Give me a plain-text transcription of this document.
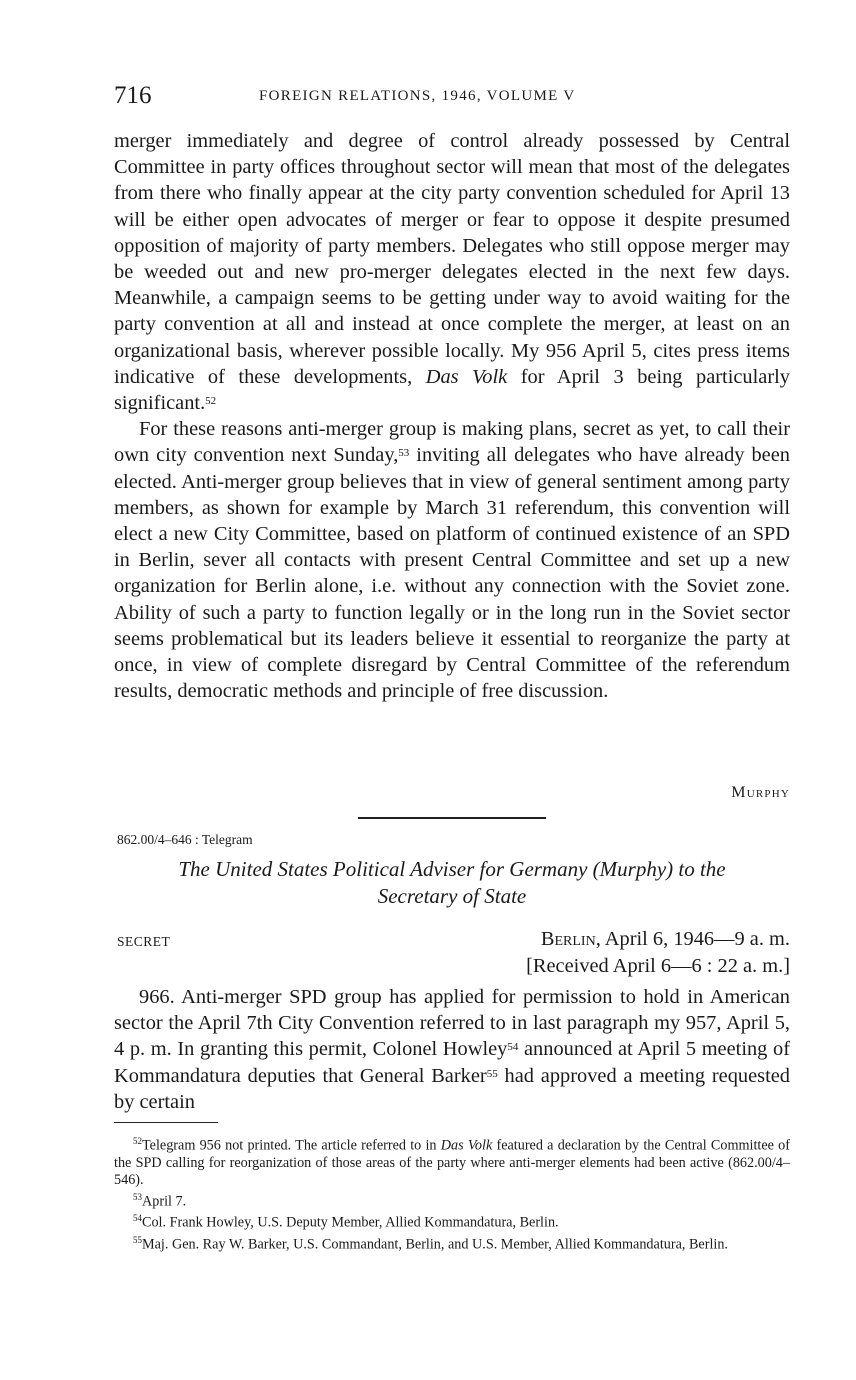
716	FOREIGN RELATIONS, 1946, VOLUME V

merger immediately and degree of control already possessed by Central Committee in party offices throughout sector will mean that most of the delegates from there who finally appear at the city party convention scheduled for April 13 will be either open advocates of merger or fear to oppose it despite presumed opposition of majority of party members. Delegates who still oppose merger may be weeded out and new pro-merger delegates elected in the next few days. Meanwhile, a campaign seems to be getting under way to avoid waiting for the party convention at all and instead at once complete the merger, at least on an organizational basis, wherever possible locally. My 956 April 5, cites press items indicative of these developments, Das Volk for April 3 being particularly significant.$^{52}$

For these reasons anti-merger group is making plans, secret as yet, to call their own city convention next Sunday,$^{53}$ inviting all delegates who have already been elected. Anti-merger group believes that in view of general sentiment among party members, as shown for example by March 31 referendum, this convention will elect a new City Committee, based on platform of continued existence of an SPD in Berlin, sever all contacts with present Central Committee and set up a new organization for Berlin alone, i.e. without any connection with the Soviet zone. Ability of such a party to function legally or in the long run in the Soviet sector seems problematical but its leaders believe it essential to reorganize the party at once, in view of complete disregard by Central Committee of the referendum results, democratic methods and principle of free discussion.

Murphy
862.00/4–646 : Telegram
The United States Political Adviser for Germany (Murphy) to the
Secretary of State
SECRET	Berlin, April 6, 1946—9 a. m.
[Received April 6—6 : 22 a. m.]

966. Anti-merger SPD group has applied for permission to hold in American sector the April 7th City Convention referred to in last paragraph my 957, April 5, 4 p. m. In granting this permit, Colonel Howley$^{54}$ announced at April 5 meeting of Kommandatura deputies that General Barker$^{55}$ had approved a meeting requested by certain

$^{52}$Telegram 956 not printed. The article referred to in Das Volk featured a declaration by the Central Committee of the SPD calling for reorganization of those areas of the party where anti-merger elements had been active (862.00/4–546).

$^{53}$April 7.

$^{54}$Col. Frank Howley, U.S. Deputy Member, Allied Kommandatura, Berlin.

$^{55}$Maj. Gen. Ray W. Barker, U.S. Commandant, Berlin, and U.S. Member, Allied Kommandatura, Berlin.
